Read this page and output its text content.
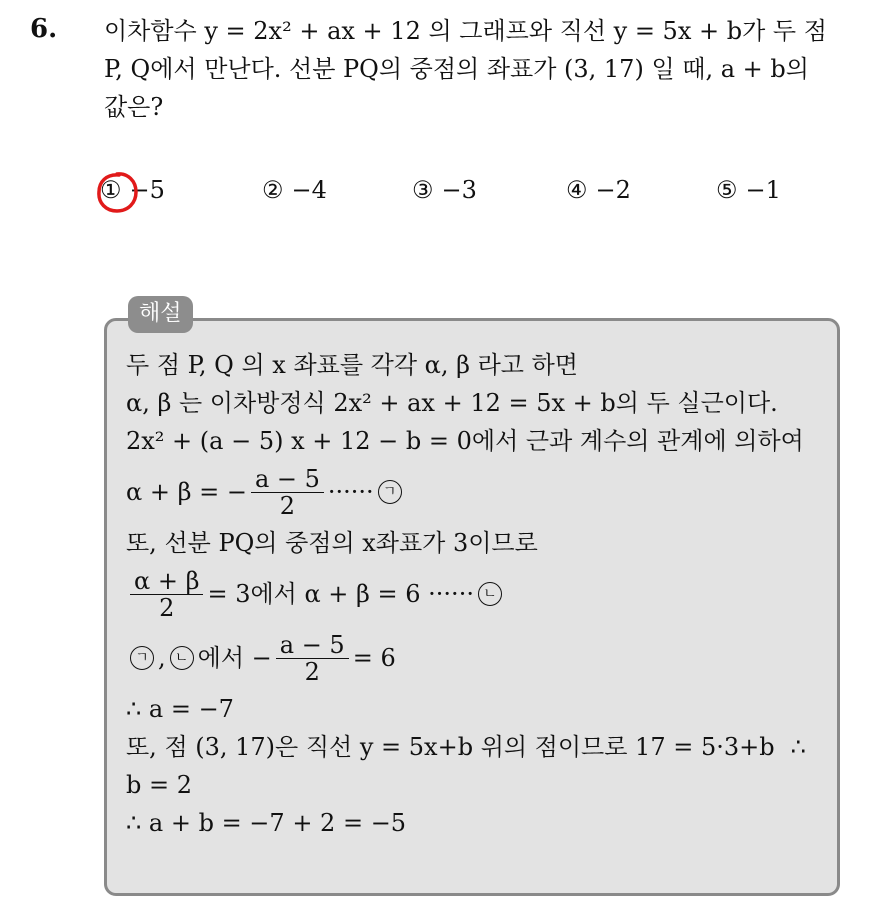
6. 이차함수 y = 2x² + ax + 12 의 그래프와 직선 y = 5x + b가 두 점
P, Q에서 만난다. 선분 PQ의 중점의 좌표가 (3, 17) 일 때, a + b의
값은?
① −5	② −4	③ −3	④ −2	⑤ −1
해설
두 점 P, Q 의 x 좌표를 각각 α, β 라고 하면
α, β 는 이차방정식 2x² + ax + 12 = 5x + b의 두 실근이다.
2x² + (a − 5) x + 12 − b = 0에서 근과 계수의 관계에 의하여
α + β = − $\frac{a - 5}{2}$ ······ ㄱ
또, 선분 PQ의 중점의 x좌표가 3이므로
$\frac{\alpha + \beta}{2} = 3$에서 α + β = 6 ······ ㄴ
ㄱ , ㄴ 에서 − $\frac{a - 5}{2} = 6$
∴ a = −7
또, 점 (3, 17)은 직선 y = 5x+b 위의 점이므로 17 = 5·3+b ∴
b = 2
∴ a + b = −7 + 2 = −5
